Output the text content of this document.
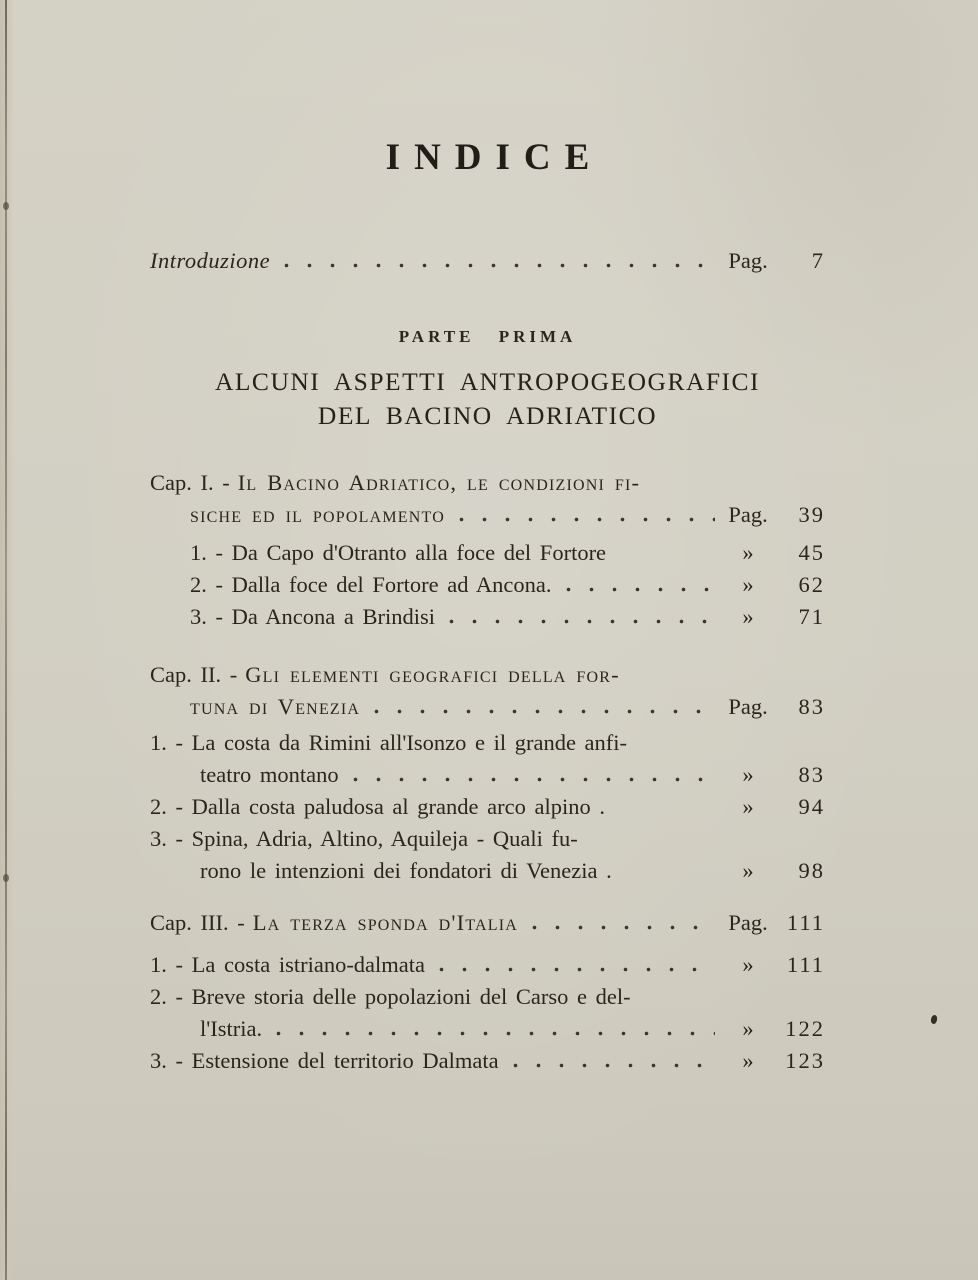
INDICE
Introduzione	Pag.	7
PARTE PRIMA
ALCUNI ASPETTI ANTROPOGEOGRAFICI
DEL BACINO ADRIATICO
Cap. I. - Il Bacino Adriatico, le condizioni fi-
siche ed il popolamento	Pag.	39
1. - Da Capo d'Otranto alla foce del Fortore	»	45
2. - Dalla foce del Fortore ad Ancona.	»	62
3. - Da Ancona a Brindisi	»	71
Cap. II. - Gli elementi geografici della for-
tuna di Venezia	Pag.	83
1. - La costa da Rimini all'Isonzo e il grande anfi-
teatro montano	»	83
2. - Dalla costa paludosa al grande arco alpino .	»	94
3. - Spina, Adria, Altino, Aquileja - Quali fu-
rono le intenzioni dei fondatori di Venezia .	»	98
Cap. III. - La terza sponda d'Italia	Pag. 111
1. - La costa istriano-dalmata	»	111
2. - Breve storia delle popolazioni del Carso e del-
l'Istria.	»	122
3. - Estensione del territorio Dalmata	»	123
